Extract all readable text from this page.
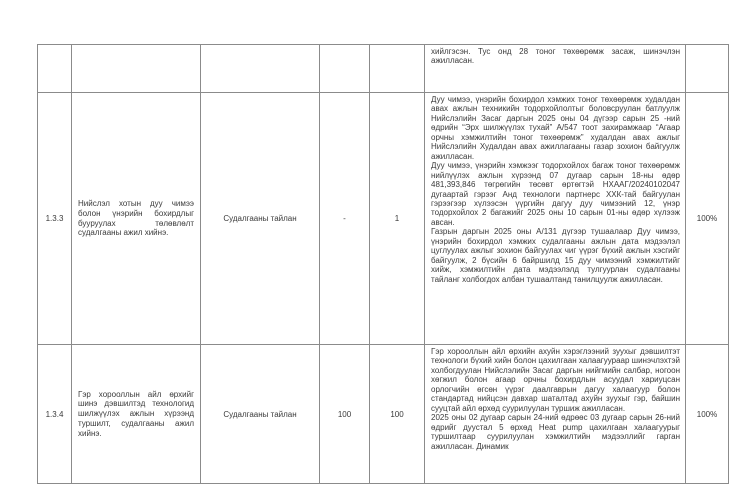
					хийлгэсэн. Тус онд 28 тоног төхөөрөмж засаж, шинэчлэн ажилласан.	

1.3.3	Нийслэл хотын дуу чимээ болон үнэрийн бохирдлыг бууруулах төлөвлөлт судалгааны ажил хийнэ.	Судалгааны тайлан	-	1	Дуу чимээ, үнэрийн бохирдол хэмжих тоног төхөөрөмж худалдан авах ажлын техникийн тодорхойлолтыг боловсруулан батлуулж Нийслэлийн Засаг даргын 2025 оны 04 дүгээр сарын 25 -ний өдрийн “Эрх шилжүүлэх тухай” А/547 тоот захирамжаар “Агаар орчны хэмжилтийн тоног төхөөрөмж” худалдан авах ажлыг Нийслэлийн Худалдан авах ажиллагааны газар зохион байгуулж ажилласан.

Дуу чимээ, үнэрийн хэмжээг тодорхойлох багаж тоног төхөөрөмж нийлүүлэх ажлын хүрээнд 07 дугаар сарын 18-ны өдөр 481,393,846 төгрөгийн төсөвт өртөгтэй НХААГ/20240102047 дугаартай гэрээг Анд технологи партнерс ХХК-тай байгуулан гэрээгээр хүлээсэн үүргийн дагуу дуу чимээний 12, үнэр тодорхойлох 2 багажийг 2025 оны 10 сарын 01-ны өдөр хүлээж авсан.

Газрын даргын 2025 оны А/131 дүгээр тушаалаар Дуу чимээ, үнэрийн бохирдол хэмжих судалгааны ажлын дата мэдээлэл цуглуулах ажлыг зохион байгуулах чиг үүрэг бүхий ажлын хэсгийг байгуулж, 2 бүсийн 6 байршилд 15 дуу чимээний хэмжилтийг хийж, хэмжилтийн дата мэдээлэлд тулгуурлан судалгааны тайланг холбогдох албан тушаалтанд танилцуулж ажилласан.	100%
1.3.4	Гэр хорооллын айл өрхийг шинэ дэвшилтэд технологид шилжүүлэх ажлын хүрээнд туршилт, судалгааны ажил хийнэ.	Судалгааны тайлан	100	100	Гэр хорооллын айл өрхийн ахуйн хэрэглээний зуухыг дэвшилтэт технологи бүхий хийн болон цахилгаан халаагуураар шинэчлэхтэй холбогдуулан Нийслэлийн Засаг даргын нийгмийн салбар, ногоон хөгжил болон агаар орчны бохирдлын асуудал хариуцсан орлогчийн өгсөн үүрэг даалгаврын дагуу халаагуур болон стандартад нийцсэн давхар шаталтад ахуйн зуухыг гэр, байшин сууцтай айл өрхөд суурилуулан туршиж ажилласан.

2025 оны 02 дугаар сарын 24-ний өдрөөс 03 дугаар сарын 26-ний өдрийг дуустал 5 өрхөд Heat pump цахилгаан халаагуурыг туршилтаар суурилуулан хэмжилтийн мэдээллийг гарган ажилласан. Динамик	100%
